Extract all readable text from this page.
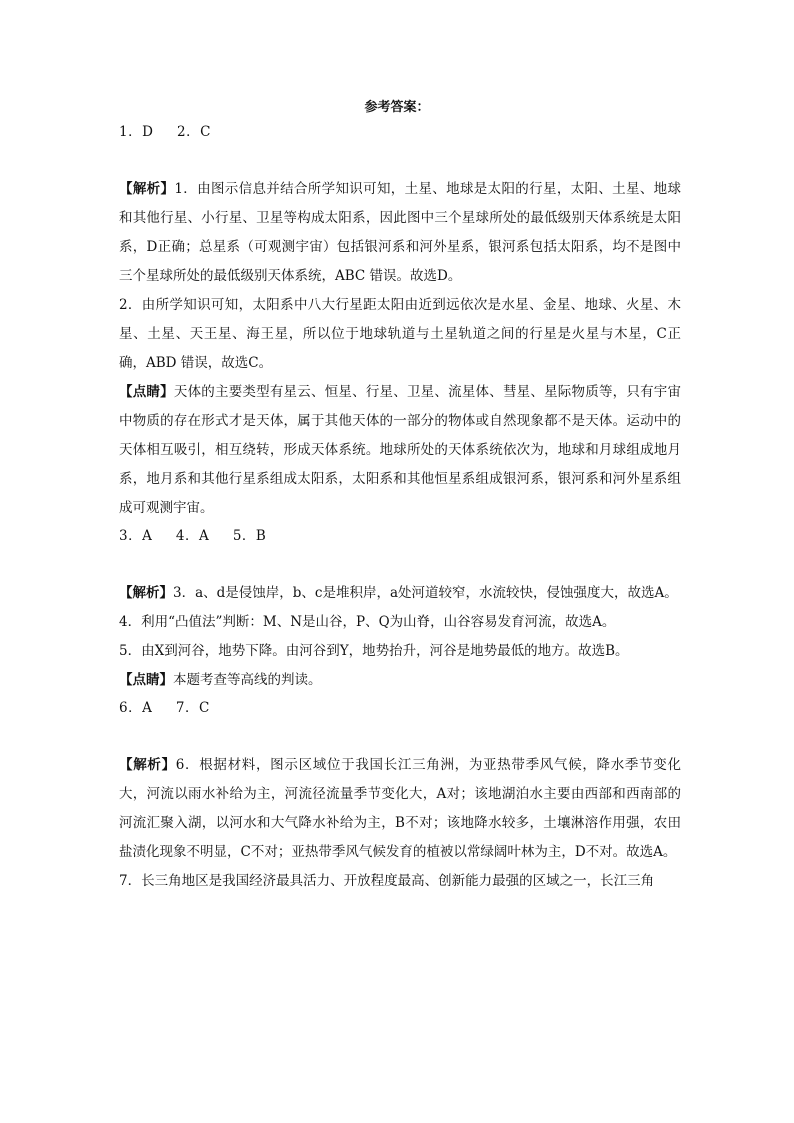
参考答案：
1．D　  2．C

【解析】1．由图示信息并结合所学知识可知，土星、地球是太阳的行星，太阳、土星、地球和其他行星、小行星、卫星等构成太阳系，因此图中三个星球所处的最低级别天体系统是太阳系，D正确；总星系（可观测宇宙）包括银河系和河外星系，银河系包括太阳系，均不是图中三个星球所处的最低级别天体系统，ABC 错误。故选D。

2．由所学知识可知，太阳系中八大行星距太阳由近到远依次是水星、金星、地球、火星、木星、土星、天王星、海王星，所以位于地球轨道与土星轨道之间的行星是火星与木星，C正确，ABD 错误，故选C。

【点睛】天体的主要类型有星云、恒星、行星、卫星、流星体、彗星、星际物质等，只有宇宙中物质的存在形式才是天体，属于其他天体的一部分的物体或自然现象都不是天体。运动中的天体相互吸引，相互绕转，形成天体系统。地球所处的天体系统依次为，地球和月球组成地月系，地月系和其他行星系组成太阳系，太阳系和其他恒星系组成银河系，银河系和河外星系组成可观测宇宙。

3．A　  4．A　  5．B

【解析】3．a、d是侵蚀岸，b、c是堆积岸，a处河道较窄，水流较快，侵蚀强度大，故选A。

4．利用“凸值法”判断：M、N是山谷，P、Q为山脊，山谷容易发育河流，故选A。

5．由X到河谷，地势下降。由河谷到Y，地势抬升，河谷是地势最低的地方。故选B。

【点睛】本题考查等高线的判读。

6．A　  7．C

【解析】6．根据材料，图示区域位于我国长江三角洲，为亚热带季风气候，降水季节变化大，河流以雨水补给为主，河流径流量季节变化大，A对；该地湖泊水主要由西部和西南部的河流汇聚入湖，以河水和大气降水补给为主，B不对；该地降水较多，土壤淋溶作用强，农田盐渍化现象不明显，C不对；亚热带季风气候发育的植被以常绿阔叶林为主，D不对。故选A。

7．长三角地区是我国经济最具活力、开放程度最高、创新能力最强的区域之一，长江三角
